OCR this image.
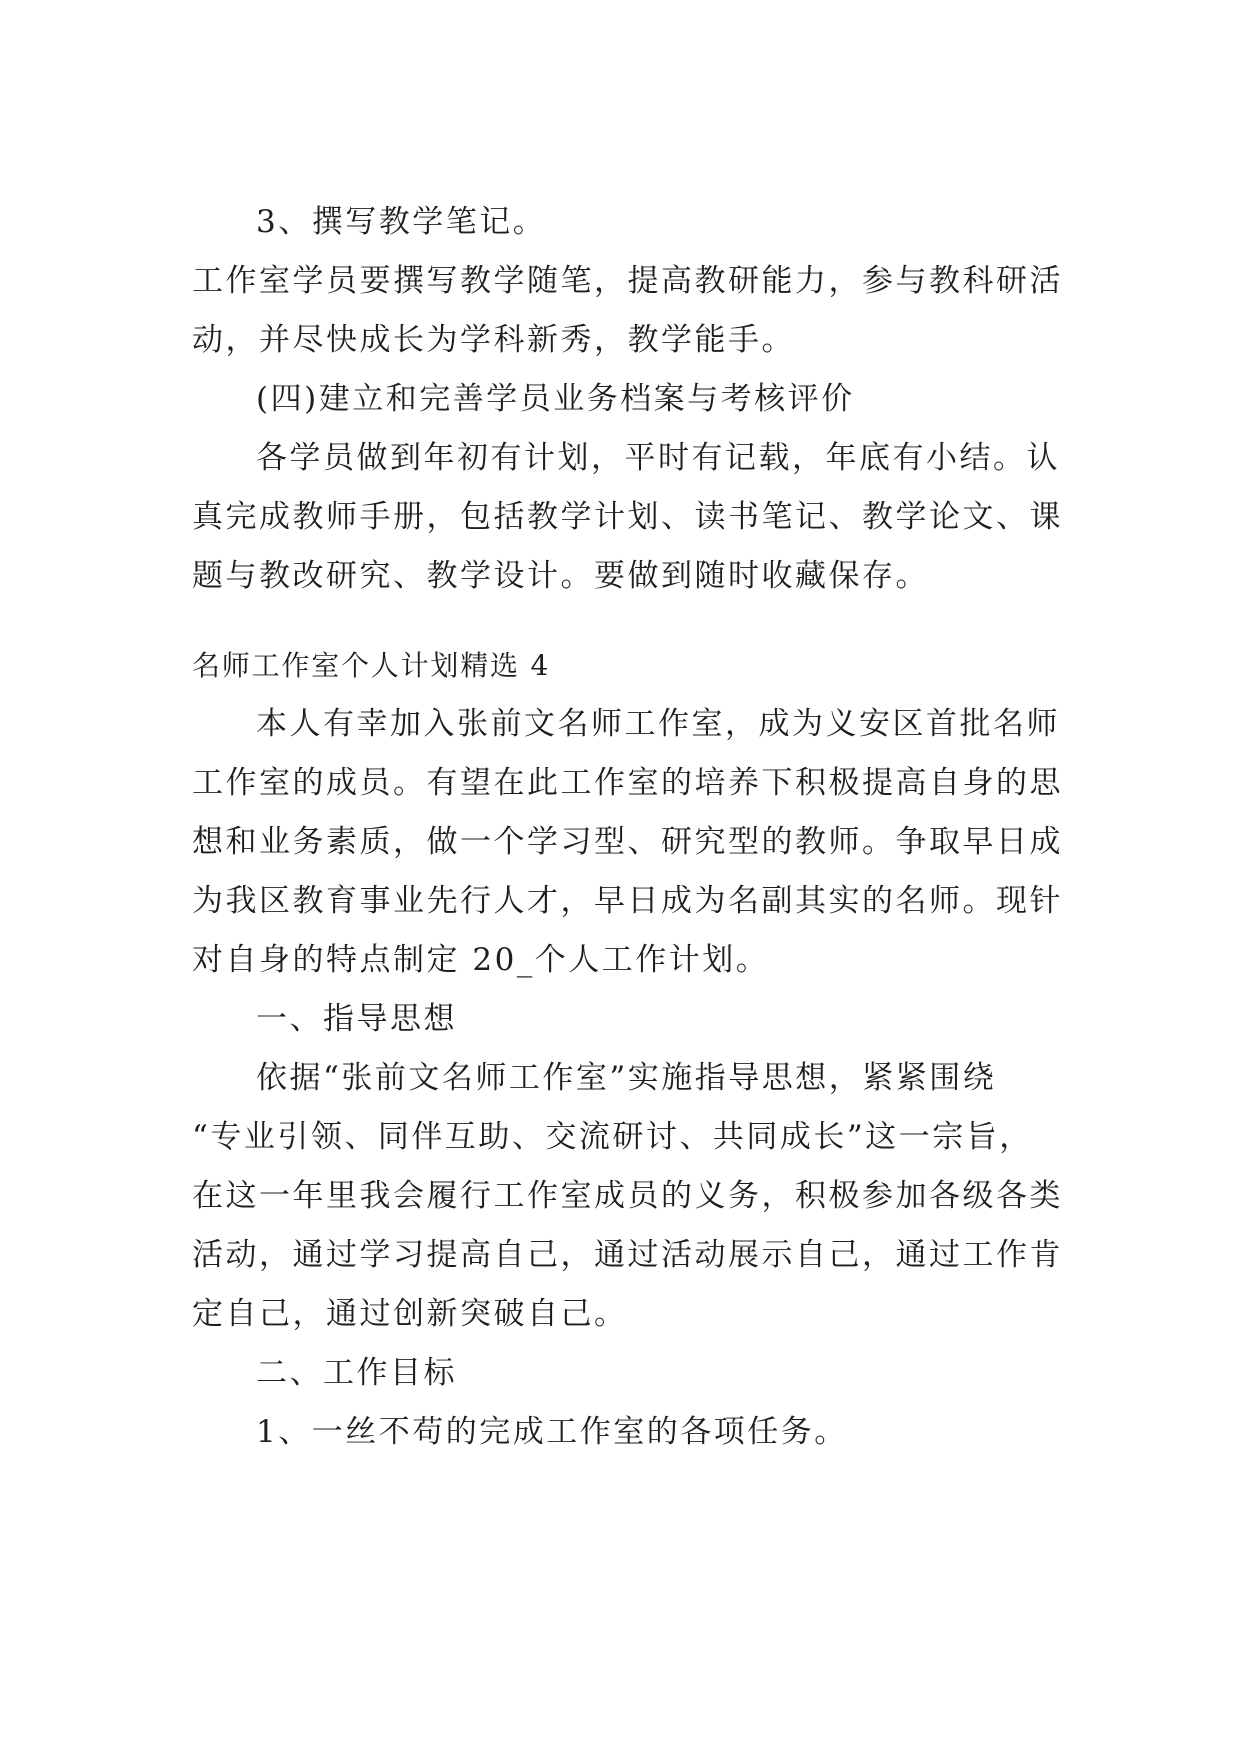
3、撰写教学笔记。
工作室学员要撰写教学随笔，提高教研能力，参与教科研活
动，并尽快成长为学科新秀，教学能手。
(四)建立和完善学员业务档案与考核评价
各学员做到年初有计划，平时有记载，年底有小结。认
真完成教师手册，包括教学计划、读书笔记、教学论文、课
题与教改研究、教学设计。要做到随时收藏保存。
名师工作室个人计划精选 4
本人有幸加入张前文名师工作室，成为义安区首批名师
工作室的成员。有望在此工作室的培养下积极提高自身的思
想和业务素质，做一个学习型、研究型的教师。争取早日成
为我区教育事业先行人才，早日成为名副其实的名师。现针
对自身的特点制定 20_个人工作计划。
一、指导思想
依据“张前文名师工作室”实施指导思想，紧紧围绕
“专业引领、同伴互助、交流研讨、共同成长”这一宗旨，
在这一年里我会履行工作室成员的义务，积极参加各级各类
活动，通过学习提高自己，通过活动展示自己，通过工作肯
定自己，通过创新突破自己。
二、工作目标
1、一丝不苟的完成工作室的各项任务。
